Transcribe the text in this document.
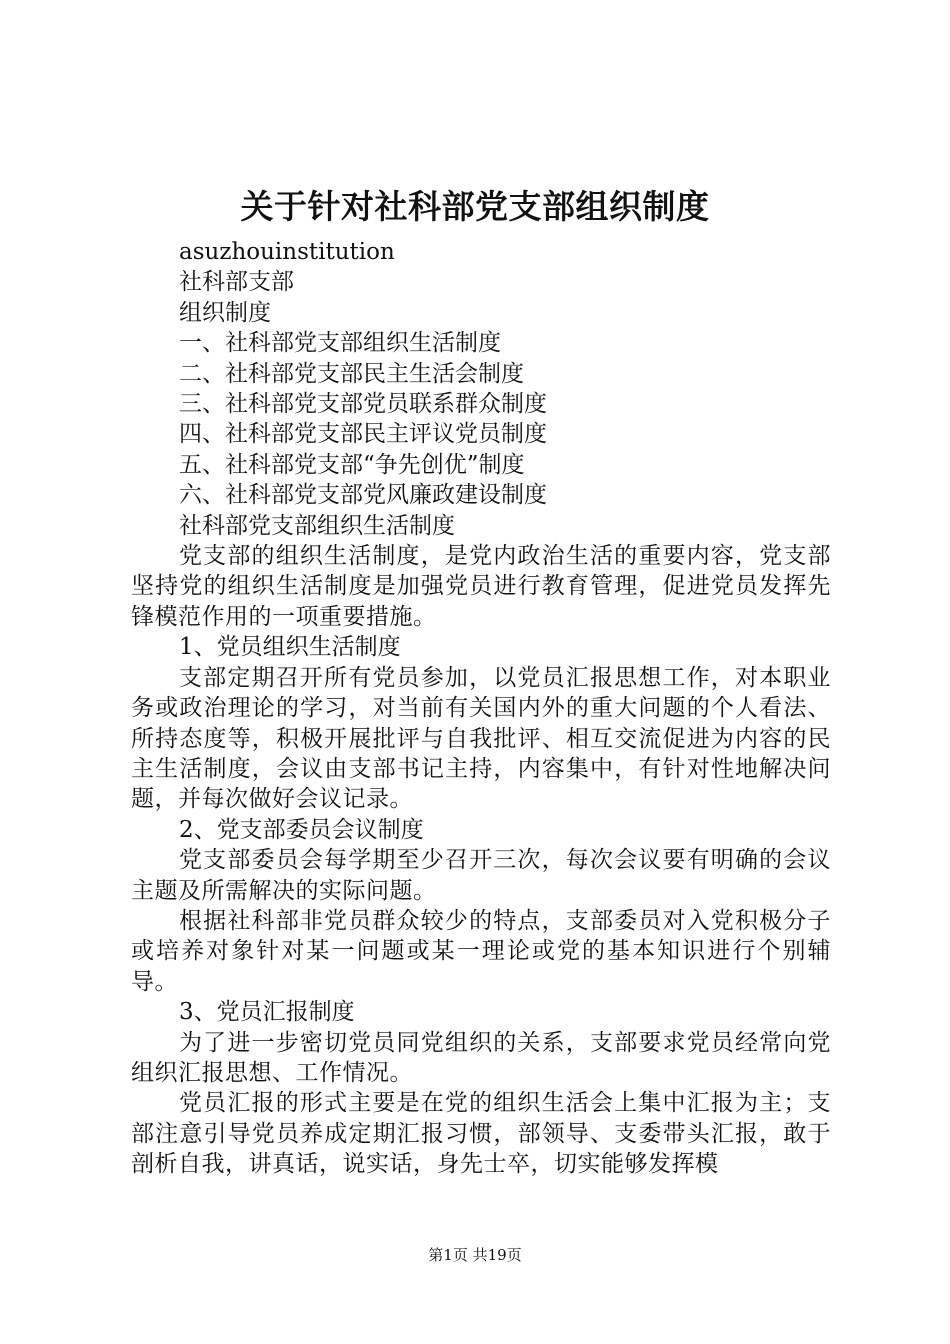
关于针对社科部党支部组织制度
asuzhouinstitution
社科部支部
组织制度
一、社科部党支部组织生活制度
二、社科部党支部民主生活会制度
三、社科部党支部党员联系群众制度
四、社科部党支部民主评议党员制度
五、社科部党支部“争先创优”制度
六、社科部党支部党风廉政建设制度
社科部党支部组织生活制度
党支部的组织生活制度，是党内政治生活的重要内容，党支部坚持党的组织生活制度是加强党员进行教育管理，促进党员发挥先锋模范作用的一项重要措施。
1、党员组织生活制度
支部定期召开所有党员参加，以党员汇报思想工作，对本职业务或政治理论的学习，对当前有关国内外的重大问题的个人看法、所持态度等，积极开展批评与自我批评、相互交流促进为内容的民主生活制度，会议由支部书记主持，内容集中，有针对性地解决问题，并每次做好会议记录。
2、党支部委员会议制度
党支部委员会每学期至少召开三次，每次会议要有明确的会议主题及所需解决的实际问题。
根据社科部非党员群众较少的特点，支部委员对入党积极分子或培养对象针对某一问题或某一理论或党的基本知识进行个别辅导。
3、党员汇报制度
为了进一步密切党员同党组织的关系，支部要求党员经常向党组织汇报思想、工作情况。
党员汇报的形式主要是在党的组织生活会上集中汇报为主；支部注意引导党员养成定期汇报习惯，部领导、支委带头汇报，敢于剖析自我，讲真话，说实话，身先士卒，切实能够发挥模
第1页 共19页
